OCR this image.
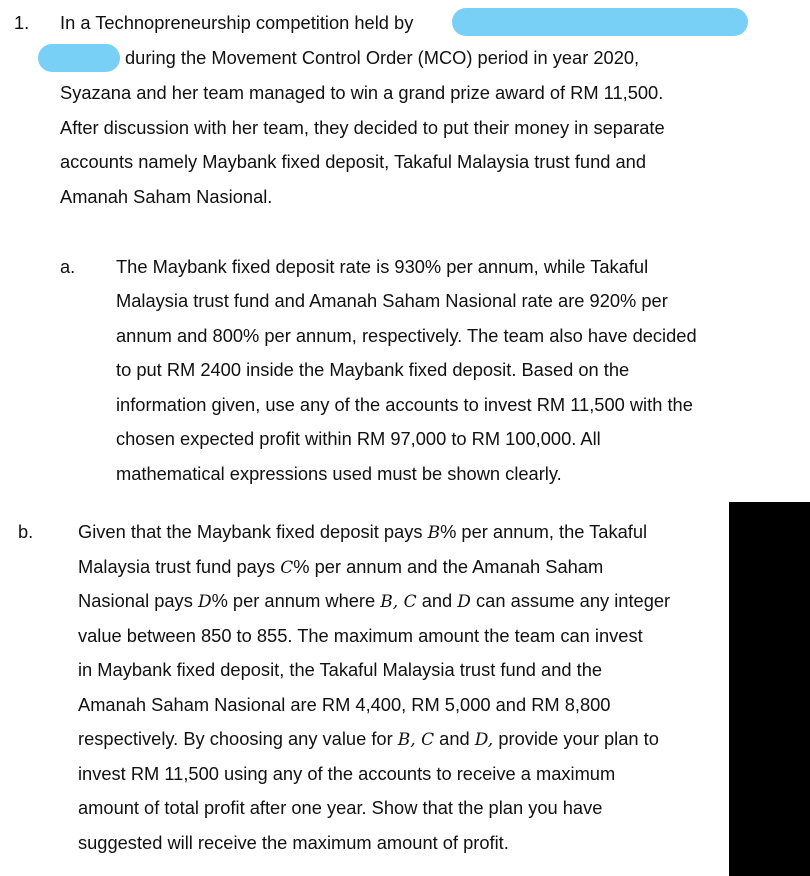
1. In a Technopreneurship competition held by
during the Movement Control Order (MCO) period in year 2020,
Syazana and her team managed to win a grand prize award of RM 11,500.
After discussion with her team, they decided to put their money in separate
accounts namely Maybank fixed deposit, Takaful Malaysia trust fund and
Amanah Saham Nasional.
a. The Maybank fixed deposit rate is 930% per annum, while Takaful
Malaysia trust fund and Amanah Saham Nasional rate are 920% per
annum and 800% per annum, respectively. The team also have decided
to put RM 2400 inside the Maybank fixed deposit. Based on the
information given, use any of the accounts to invest RM 11,500 with the
chosen expected profit within RM 97,000 to RM 100,000. All
mathematical expressions used must be shown clearly.
b. Given that the Maybank fixed deposit pays B% per annum, the Takaful
Malaysia trust fund pays C% per annum and the Amanah Saham
Nasional pays D% per annum where B, C and D can assume any integer
value between 850 to 855. The maximum amount the team can invest
in Maybank fixed deposit, the Takaful Malaysia trust fund and the
Amanah Saham Nasional are RM 4,400, RM 5,000 and RM 8,800
respectively. By choosing any value for B, C and D, provide your plan to
invest RM 11,500 using any of the accounts to receive a maximum
amount of total profit after one year. Show that the plan you have
suggested will receive the maximum amount of profit.
